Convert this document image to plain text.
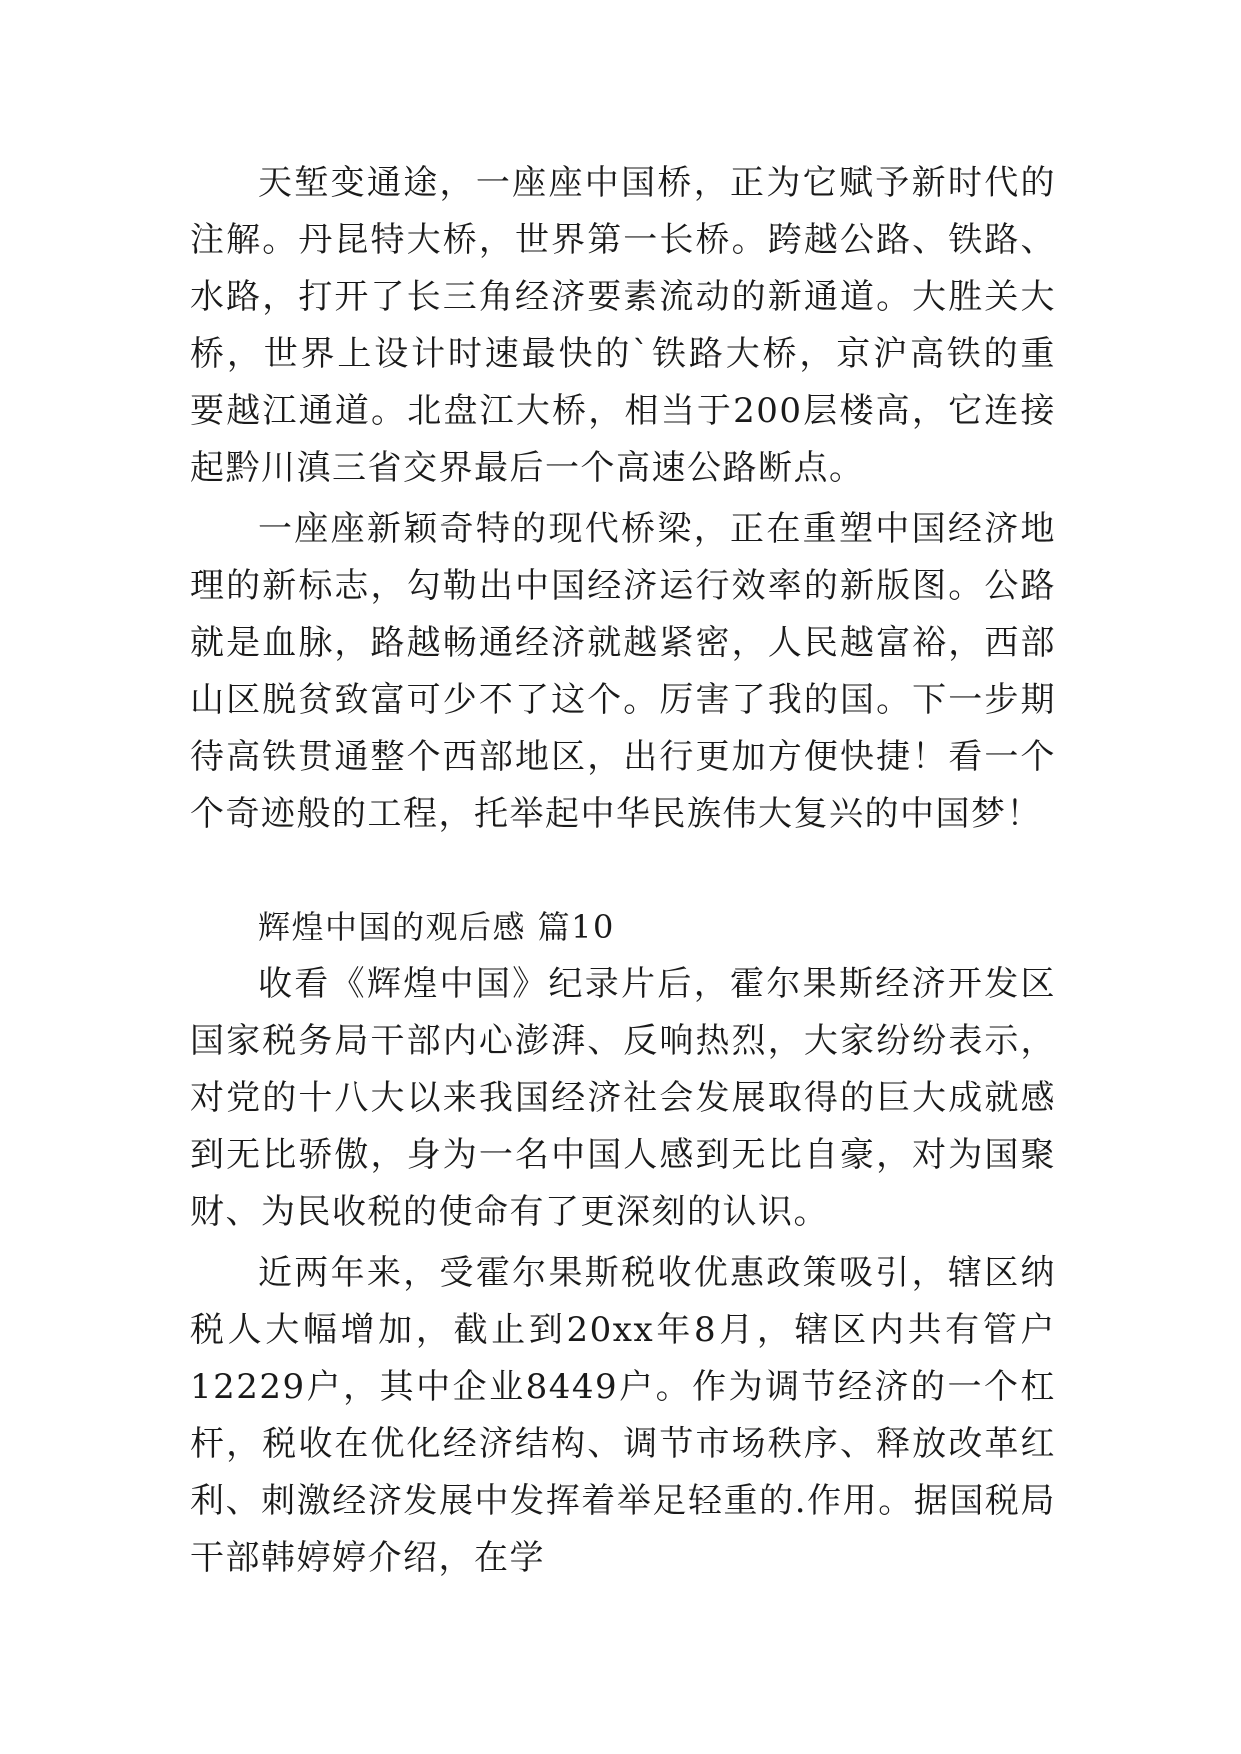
天堑变通途，一座座中国桥，正为它赋予新时代的注解。丹昆特大桥，世界第一长桥。跨越公路、铁路、水路，打开了长三角经济要素流动的新通道。大胜关大桥，世界上设计时速最快的`铁路大桥，京沪高铁的重要越江通道。北盘江大桥，相当于200层楼高，它连接起黔川滇三省交界最后一个高速公路断点。

一座座新颖奇特的现代桥梁，正在重塑中国经济地理的新标志，勾勒出中国经济运行效率的新版图。公路就是血脉，路越畅通经济就越紧密，人民越富裕，西部山区脱贫致富可少不了这个。厉害了我的国。下一步期待高铁贯通整个西部地区，出行更加方便快捷！看一个个奇迹般的工程，托举起中华民族伟大复兴的中国梦！

辉煌中国的观后感 篇10

收看《辉煌中国》纪录片后，霍尔果斯经济开发区国家税务局干部内心澎湃、反响热烈，大家纷纷表示，对党的十八大以来我国经济社会发展取得的巨大成就感到无比骄傲，身为一名中国人感到无比自豪，对为国聚财、为民收税的使命有了更深刻的认识。

近两年来，受霍尔果斯税收优惠政策吸引，辖区纳税人大幅增加，截止到20xx年8月，辖区内共有管户12229户，其中企业8449户。作为调节经济的一个杠杆，税收在优化经济结构、调节市场秩序、释放改革红利、刺激经济发展中发挥着举足轻重的.作用。据国税局干部韩婷婷介绍，在学
